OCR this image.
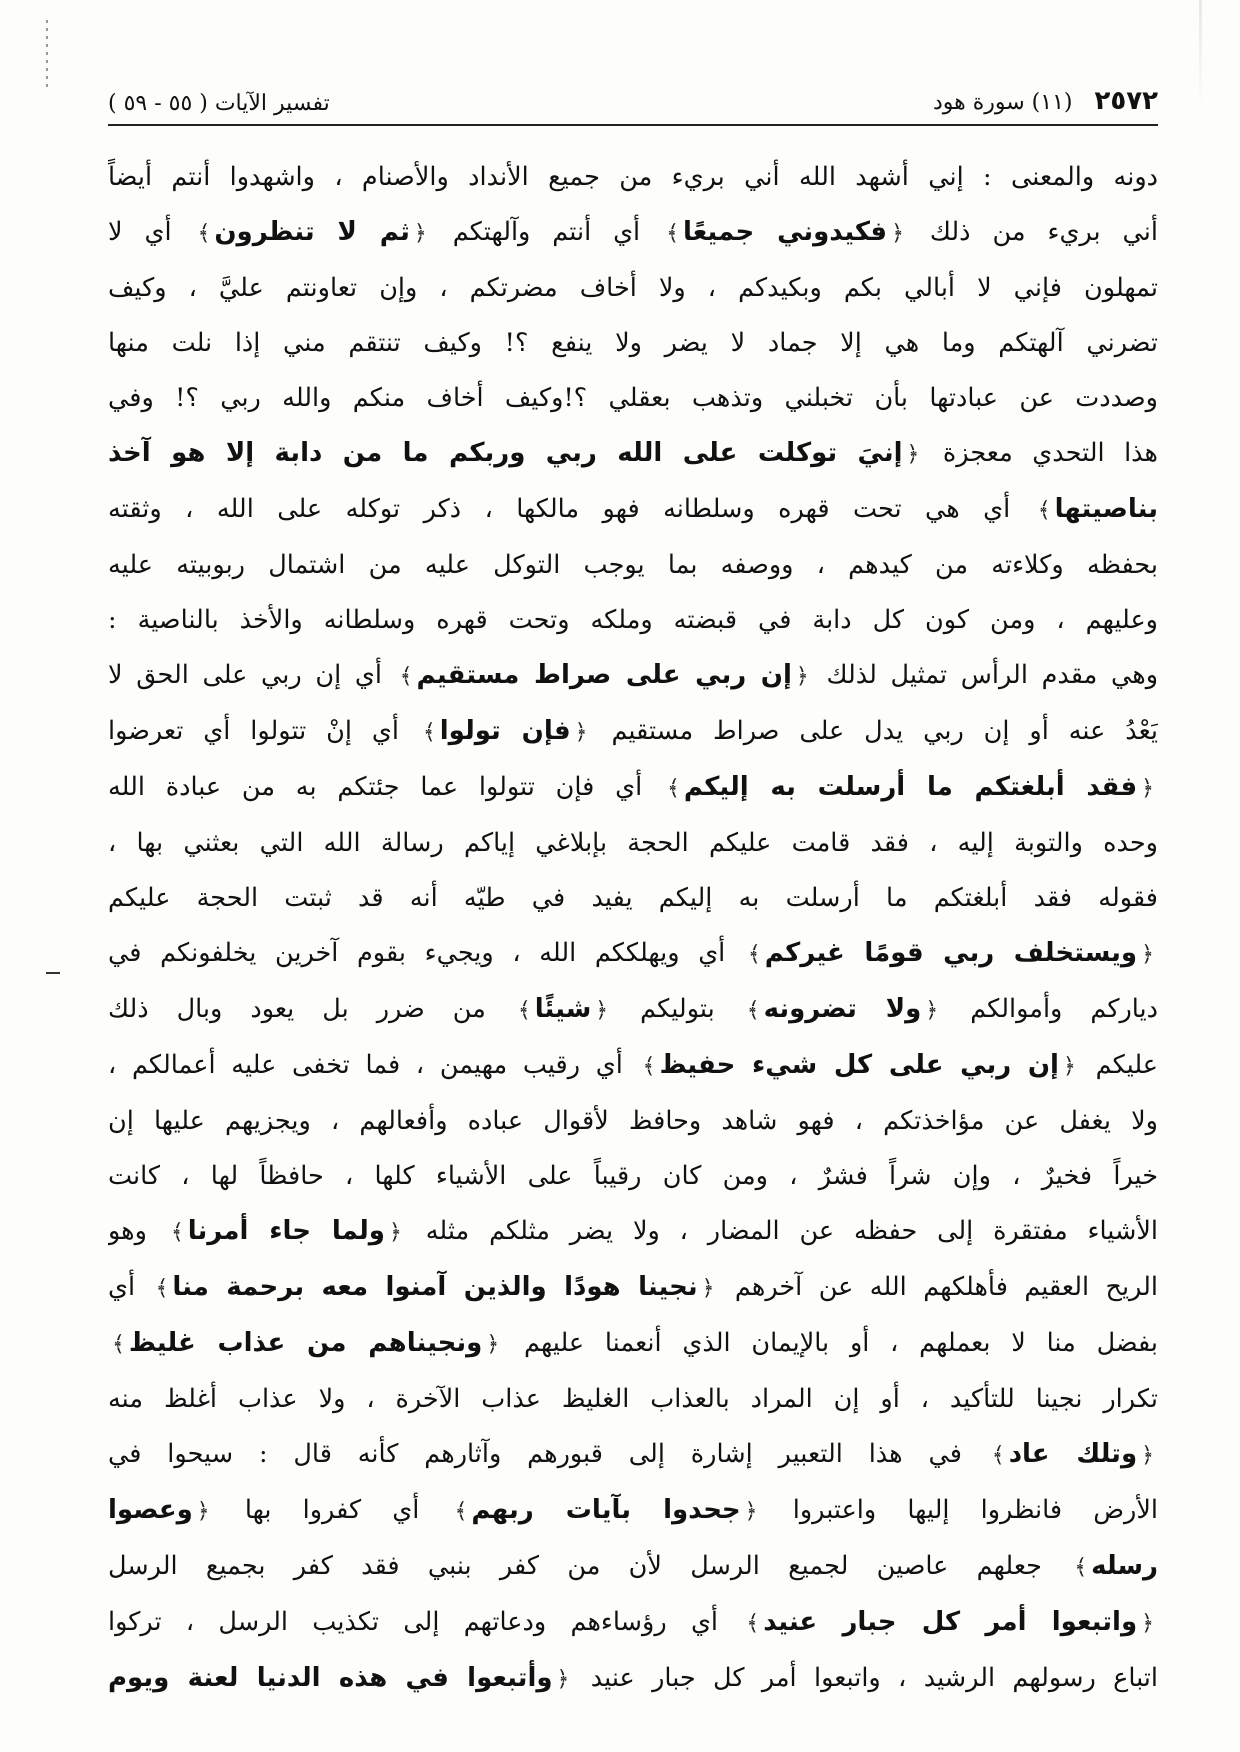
٢٥٧٢
(١١) سورة هود
تفسير الآيات ( ٥٥ - ٥٩ )
دونه والمعنى : إني أشهد الله أني بريء من جميع الأنداد والأصنام ، واشهدوا أنتم أيضاً
أني بريء من ذلك ﴿فكيدوني جميعًا﴾ أي أنتم وآلهتكم ﴿ثم لا تنظرون﴾ أي لا
تمهلون فإني لا أبالي بكم وبكيدكم ، ولا أخاف مضرتكم ، وإن تعاونتم عليَّ ، وكيف
تضرني آلهتكم وما هي إلا جماد لا يضر ولا ينفع ؟! وكيف تنتقم مني إذا نلت منها
وصددت عن عبادتها بأن تخبلني وتذهب بعقلي ؟!وكيف أخاف منكم والله ربي ؟! وفي
هذا التحدي معجزة ﴿إنيَ توكلت على الله ربي وربكم ما من دابة إلا هو آخذ
بناصيتها﴾ أي هي تحت قهره وسلطانه فهو مالكها ، ذكر توكله على الله ، وثقته
بحفظه وكلاءته من كيدهم ، ووصفه بما يوجب التوكل عليه من اشتمال ربوبيته عليه
وعليهم ، ومن كون كل دابة في قبضته وملكه وتحت قهره وسلطانه والأخذ بالناصية :
وهي مقدم الرأس تمثيل لذلك ﴿إن ربي على صراط مستقيم﴾ أي إن ربي على الحق لا
يَعْدُ عنه أو إن ربي يدل على صراط مستقيم ﴿فإن تولوا﴾ أي إنْ تتولوا أي تعرضوا
﴿فقد أبلغتكم ما أرسلت به إليكم﴾ أي فإن تتولوا عما جئتكم به من عبادة الله
وحده والتوبة إليه ، فقد قامت عليكم الحجة بإبلاغي إياكم رسالة الله التي بعثني بها ،
فقوله فقد أبلغتكم ما أرسلت به إليكم يفيد في طيّه أنه قد ثبتت الحجة عليكم
﴿ويستخلف ربي قومًا غيركم﴾ أي ويهلككم الله ، ويجيء بقوم آخرين يخلفونكم في
دياركم وأموالكم ﴿ولا تضرونه﴾ بتوليكم ﴿شيئًا﴾ من ضرر بل يعود وبال ذلك
عليكم ﴿إن ربي على كل شيء حفيظ﴾ أي رقيب مهيمن ، فما تخفى عليه أعمالكم ،
ولا يغفل عن مؤاخذتكم ، فهو شاهد وحافظ لأقوال عباده وأفعالهم ، ويجزيهم عليها إن
خيراً فخيرٌ ، وإن شراً فشرٌ ، ومن كان رقيباً على الأشياء كلها ، حافظاً لها ، كانت
الأشياء مفتقرة إلى حفظه عن المضار ، ولا يضر مثلكم مثله ﴿ولما جاء أمرنا﴾ وهو
الريح العقيم فأهلكهم الله عن آخرهم ﴿نجينا هودًا والذين آمنوا معه برحمة منا﴾ أي
بفضل منا لا بعملهم ، أو بالإيمان الذي أنعمنا عليهم ﴿ونجيناهم من عذاب غليظ﴾
تكرار نجينا للتأكيد ، أو إن المراد بالعذاب الغليظ عذاب الآخرة ، ولا عذاب أغلظ منه
﴿وتلك عاد﴾ في هذا التعبير إشارة إلى قبورهم وآثارهم كأنه قال : سيحوا في
الأرض فانظروا إليها واعتبروا ﴿جحدوا بآيات ربهم﴾ أي كفروا بها ﴿وعصوا
رسله﴾ جعلهم عاصين لجميع الرسل لأن من كفر بنبي فقد كفر بجميع الرسل
﴿واتبعوا أمر كل جبار عنيد﴾ أي رؤساءهم ودعاتهم إلى تكذيب الرسل ، تركوا
اتباع رسولهم الرشيد ، واتبعوا أمر كل جبار عنيد ﴿وأتبعوا في هذه الدنيا لعنة ويوم
